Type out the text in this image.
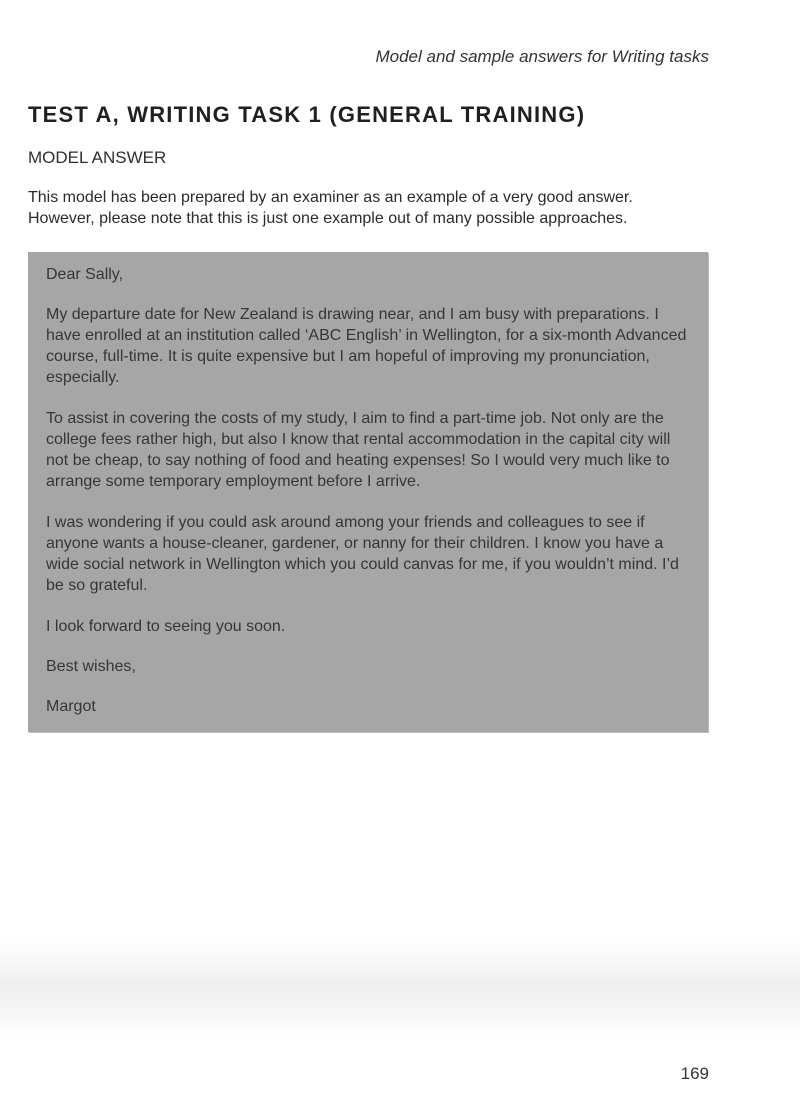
Model and sample answers for Writing tasks
TEST A, WRITING TASK 1 (GENERAL TRAINING)
MODEL ANSWER

This model has been prepared by an examiner as an example of a very good answer.

However, please note that this is just one example out of many possible approaches.

Dear Sally,

My departure date for New Zealand is drawing near, and I am busy with preparations. I have enrolled at an institution called ‘ABC English’ in Wellington, for a six-month Advanced course, full-time. It is quite expensive but I am hopeful of improving my pronunciation, especially.

To assist in covering the costs of my study, I aim to find a part-time job. Not only are the college fees rather high, but also I know that rental accommodation in the capital city will not be cheap, to say nothing of food and heating expenses! So I would very much like to arrange some temporary employment before I arrive.

I was wondering if you could ask around among your friends and colleagues to see if anyone wants a house-cleaner, gardener, or nanny for their children. I know you have a wide social network in Wellington which you could canvas for me, if you wouldn’t mind. I’d be so grateful.

I look forward to seeing you soon.

Best wishes,

Margot

169
